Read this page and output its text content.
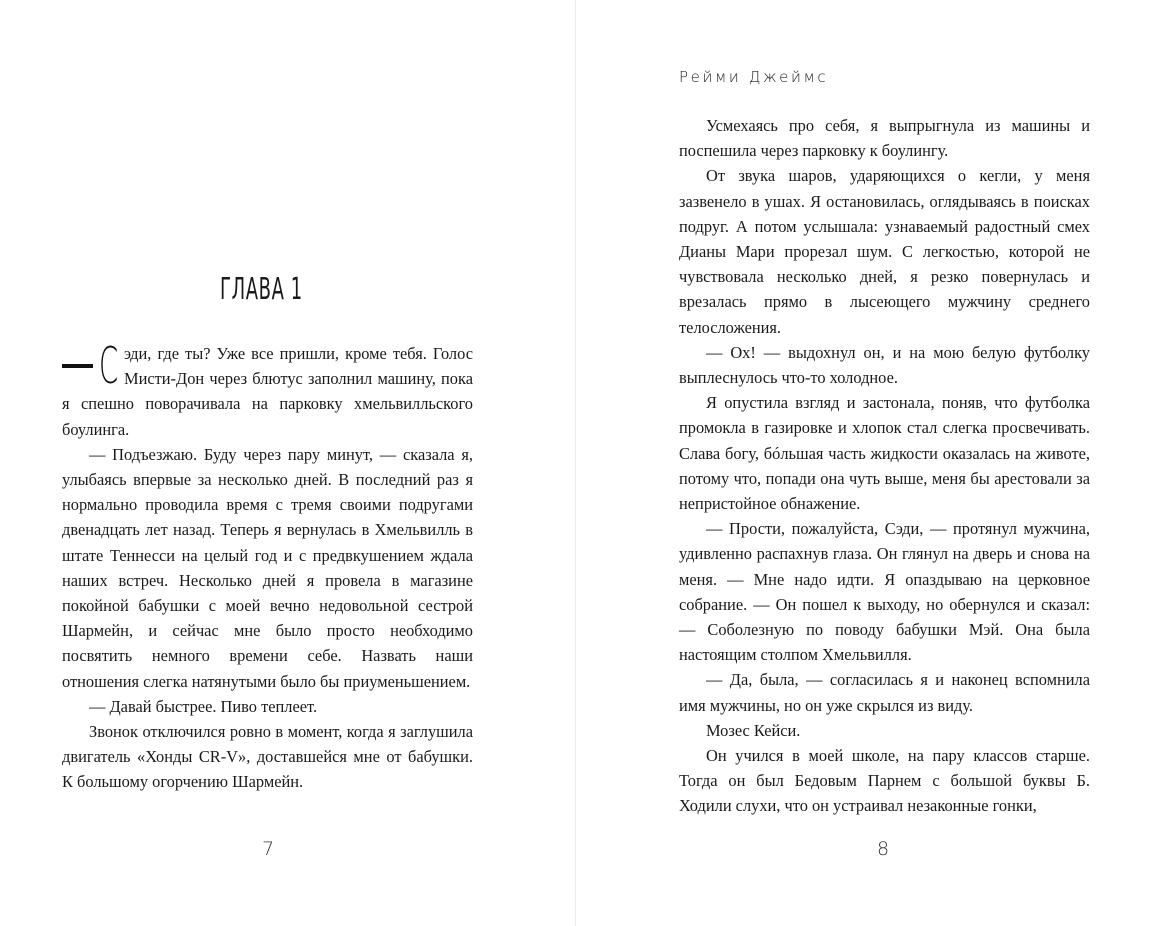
ГЛАВА 1

С эди, где ты? Уже все пришли, кроме тебя. Голос Мисти-Дон через блютус заполнил машину, пока я спешно поворачивала на парковку хмельвилльского боулинга.

— Подъезжаю. Буду через пару минут, — сказала я, улыбаясь впервые за несколько дней. В последний раз я нормально проводила время с тремя своими подругами двенадцать лет назад. Теперь я вернулась в Хмельвилль в штате Теннесси на целый год и с предвкушением ждала наших встреч. Несколько дней я провела в магазине покойной бабушки с моей вечно недовольной сестрой Шармейн, и сейчас мне было просто необходимо посвятить немного времени себе. Назвать наши отношения слегка натянутыми было бы приуменьшением.

— Давай быстрее. Пиво теплеет.

Звонок отключился ровно в момент, когда я заглушила двигатель «Хонды CR-V», доставшейся мне от бабушки. К большому огорчению Шармейн.

7
Рейми Джеймс

Усмехаясь про себя, я выпрыгнула из машины и поспешила через парковку к боулингу.

От звука шаров, ударяющихся о кегли, у меня зазвенело в ушах. Я остановилась, оглядываясь в поисках подруг. А потом услышала: узнаваемый радостный смех Дианы Мари прорезал шум. С легкостью, которой не чувствовала несколько дней, я резко повернулась и врезалась прямо в лысеющего мужчину среднего телосложения.

— Ох! — выдохнул он, и на мою белую футболку выплеснулось что-то холодное.

Я опустила взгляд и застонала, поняв, что футболка промокла в газировке и хлопок стал слегка просвечивать. Слава богу, бóльшая часть жидкости оказалась на животе, потому что, попади она чуть выше, меня бы арестовали за непристойное обнажение.

— Прости, пожалуйста, Сэди, — протянул мужчина, удивленно распахнув глаза. Он глянул на дверь и снова на меня. — Мне надо идти. Я опаздываю на церковное собрание. — Он пошел к выходу, но обернулся и сказал: — Соболезную по поводу бабушки Мэй. Она была настоящим столпом Хмельвилля.

— Да, была, — согласилась я и наконец вспомнила имя мужчины, но он уже скрылся из виду.

Мозес Кейси.

Он учился в моей школе, на пару классов старше. Тогда он был Бедовым Парнем с большой буквы Б. Ходили слухи, что он устраивал незаконные гонки,

8
